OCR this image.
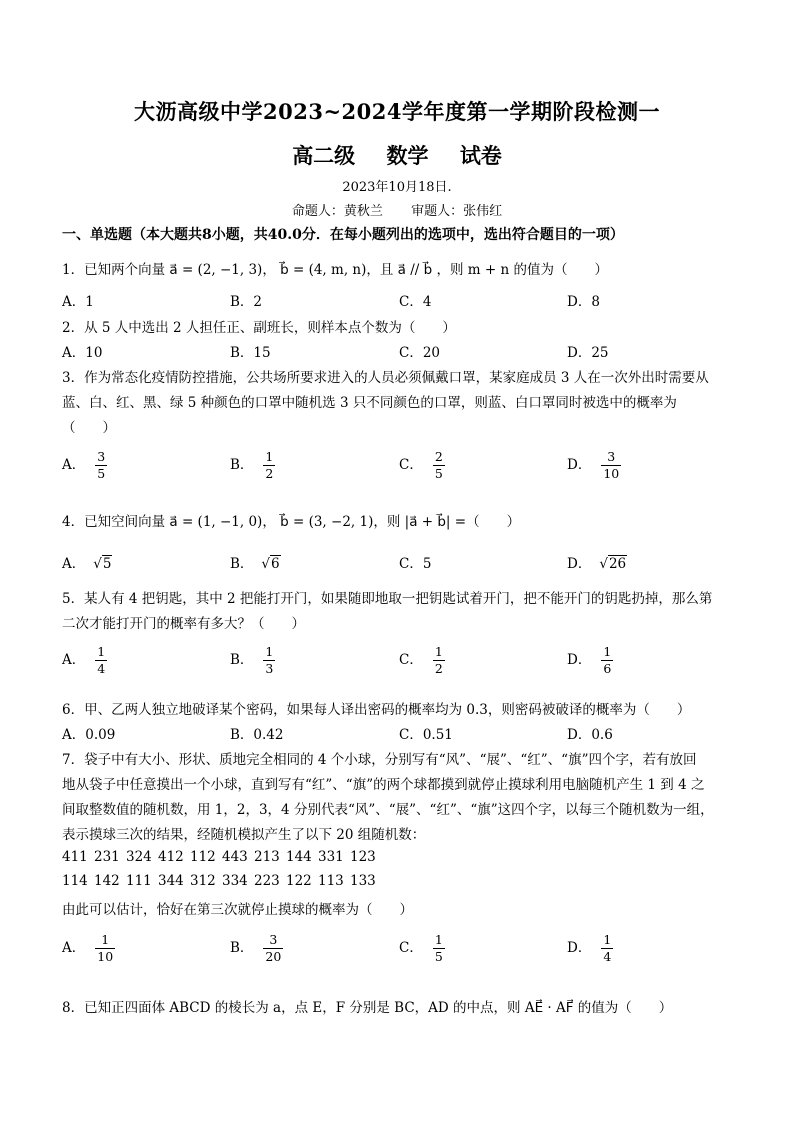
大沥高级中学2023~2024学年度第一学期阶段检测一
高二级 数学 试卷
2023年10月18日.
命题人：黄秋兰 审题人：张伟红
一、单选题（本大题共8小题，共40.0分．在每小题列出的选项中，选出符合题目的一项）
1．已知两个向量 a⃗ = (2, −1, 3)， b⃗ = (4, m, n)，且 a⃗ // b⃗ ，则 m + n 的值为（　　）
A．1	B．2	C．4	D．8
2．从 5 人中选出 2 人担任正、副班长，则样本点个数为（　　）
A．10	B．15	C．20	D．25
3．作为常态化疫情防控措施，公共场所要求进入的人员必须佩戴口罩，某家庭成员 3 人在一次外出时需要从
蓝、白、红、黑、绿 5 种颜色的口罩中随机选 3 只不同颜色的口罩，则蓝、白口罩同时被选中的概率为
（　　）
A． $\frac{3}{5}$	B． $\frac{1}{2}$	C． $\frac{2}{5}$	D． $\frac{3}{10}$
4．已知空间向量 a⃗ = (1, −1, 0)， b⃗ = (3, −2, 1)，则 |a⃗ + b⃗| =（　　）
A． √5	B． √6	C．5	D． √26
5．某人有 4 把钥匙，其中 2 把能打开门，如果随即地取一把钥匙试着开门，把不能开门的钥匙扔掉，那么第
二次才能打开门的概率有多大？（　　）
A． $\frac{1}{4}$	B． $\frac{1}{3}$	C． $\frac{1}{2}$	D． $\frac{1}{6}$
6．甲、乙两人独立地破译某个密码，如果每人译出密码的概率均为 0.3，则密码被破译的概率为（　　）
A．0.09	B．0.42	C．0.51	D．0.6
7．袋子中有大小、形状、质地完全相同的 4 个小球，分别写有“风”、“展”、“红”、“旗”四个字，若有放回
地从袋子中任意摸出一个小球，直到写有“红”、“旗”的两个球都摸到就停止摸球利用电脑随机产生 1 到 4 之
间取整数值的随机数，用 1，2，3，4 分别代表“风”、“展”、“红”、“旗”这四个字，以每三个随机数为一组，
表示摸球三次的结果，经随机模拟产生了以下 20 组随机数：
411 231 324 412 112 443 213 144 331 123
114 142 111 344 312 334 223 122 113 133
由此可以估计，恰好在第三次就停止摸球的概率为（　　）
A． $\frac{1}{10}$	B． $\frac{3}{20}$	C． $\frac{1}{5}$	D． $\frac{1}{4}$
8．已知正四面体 ABCD 的棱长为 a，点 E，F 分别是 BC，AD 的中点，则 AE⃗ · AF⃗ 的值为（　　）
